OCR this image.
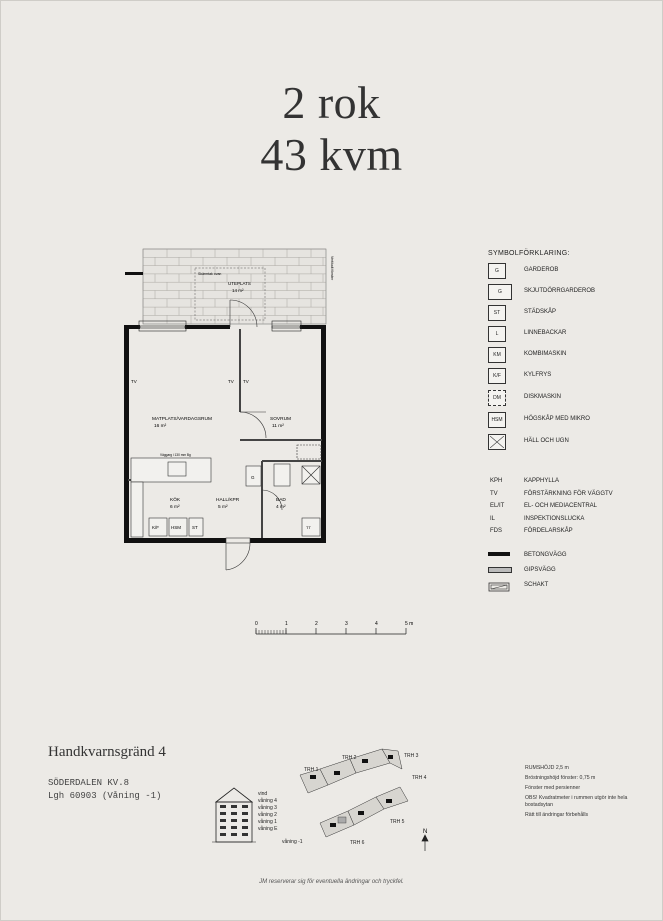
2 rok
43 kvm
Vertikalt fönster
Skärmtak ovan
UTEPLATS
14 m²
Väggarg i 130 mm Bg
K/F	HSM ST
G
TT
TV	TV TV
MATPLATS/VARDAGSRUM
16 m²
SOVRUM
11 m²
KÖK
6 m²
HALL/KPR
5 m²
BAD
4 m²
SYMBOLFÖRKLARING:
G	GARDEROB
G	SKJUTDÖRRGARDEROB
ST	STÄDSKÅP
L	LINNEBACKAR
KM	KOMBIMASKIN
K/F	KYLFRYS
DM	DISKMASKIN
HSM	HÖGSKÅP MED MIKRO
HÄLL OCH UGN
KPH	KAPPHYLLA
TV	FÖRSTÄRKNING FÖR VÄGGTV
EL/IT	EL- OCH MEDIACENTRAL
IL	INSPEKTIONSLUCKA
FDS	FÖRDELARSKÅP
BETONGVÄGG
GIPSVÄGG
SCHAKT
0	1	2	3	4	5 m
Handkvarnsgränd 4
SÖDERDALEN KV.8
Lgh 60903 (Våning -1)	vind
våning 4
våning 3
våning 2
våning 1
våning E
våning -1
TRH 1
TRH 2	TRH 3
TRH 4
TRH 5
TRH 6
N
RUMSHÖJD 2,5 m
Bröstningshöjd fönster: 0,75 m
Fönster med persienner
OBS! Kvadratmeter i rummen utgör inte hela bostadsytan
Rätt till ändringar förbehålls
JM reserverar sig för eventuella ändringar och tryckfel.
